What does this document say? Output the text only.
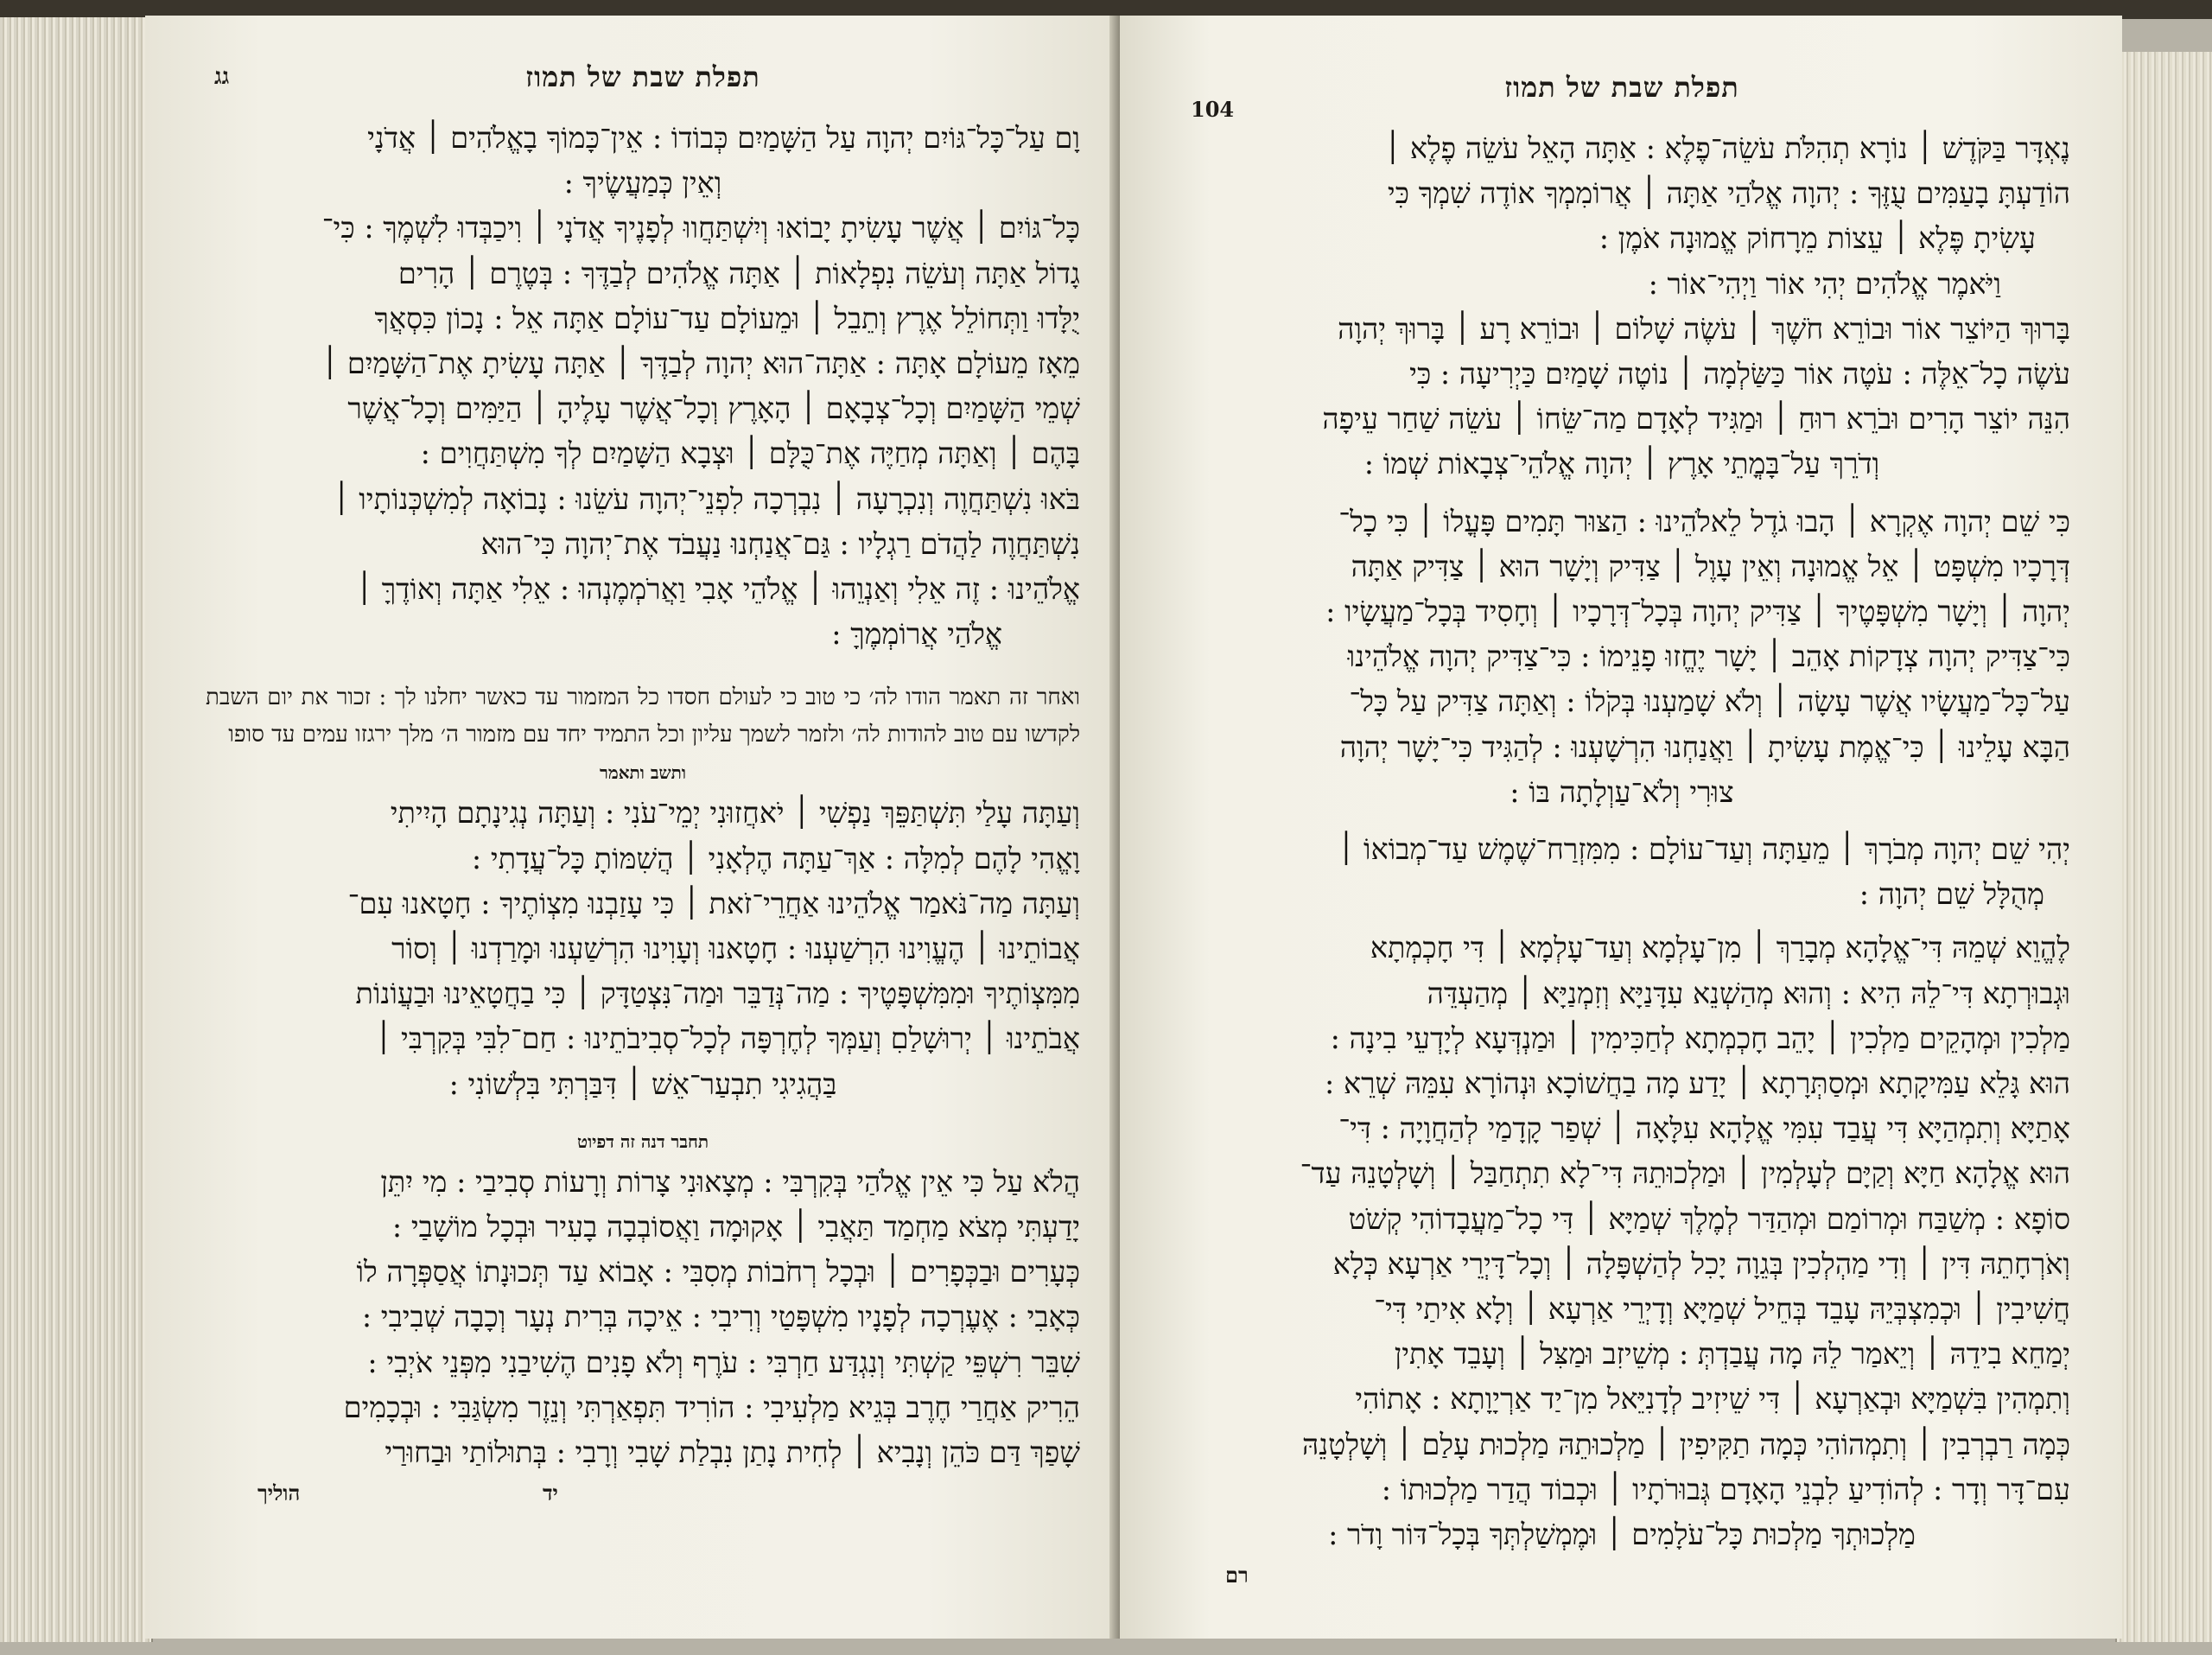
תפלת שבת של תמוז
גג

וָם עַל־כָּל־גּוֹיִם יְהוָה עַל הַשָּׁמַיִם כְּבוֹדוֹ : אֵין־כָּמוֹךָ בָאֱלֹהִים ׀ אֲדֹנָי

וְאֵין כְּמַעֲשֶׂיךָ :

כָּל־גּוֹיִם ׀ אֲשֶׁר עָשִׂיתָ יָבוֹאוּ וְיִשְׁתַּחֲווּ לְפָנֶיךָ אֲדֹנָי ׀ וִיכַבְּדוּ לִשְׁמֶךָ : כִּי־

גָדוֹל אַתָּה וְעֹשֵׂה נִפְלָאוֹת ׀ אַתָּה אֱלֹהִים לְבַדֶּךָ : בְּטֶרֶם ׀ הָרִים

יֻלָּדוּ וַתְּחוֹלֵל אֶרֶץ וְתֵבֵל ׀ וּמֵעוֹלָם עַד־עוֹלָם אַתָּה אֵל : נָכוֹן כִּסְאֲךָ

מֵאָז מֵעוֹלָם אָתָּה : אַתָּה־הוּא יְהוָה לְבַדֶּךָ ׀ אַתָּה עָשִׂיתָ אֶת־הַשָּׁמַיִם ׀

שְׁמֵי הַשָּׁמַיִם וְכָל־צְבָאָם ׀ הָאָרֶץ וְכָל־אֲשֶׁר עָלֶיהָ ׀ הַיַּמִּים וְכָל־אֲשֶׁר

בָּהֶם ׀ וְאַתָּה מְחַיֶּה אֶת־כֻּלָּם ׀ וּצְבָא הַשָּׁמַיִם לְךָ מִשְׁתַּחֲוִים :

בֹּאוּ נִשְׁתַּחֲוֶה וְנִכְרָעָה ׀ נִבְרְכָה לִפְנֵי־יְהוָה עֹשֵׂנוּ : נָבוֹאָה לְמִשְׁכְּנוֹתָיו ׀

נִשְׁתַּחֲוֶה לַהֲדֹם רַגְלָיו : גַּם־אֲנַחְנוּ נַעֲבֹד אֶת־יְהוָה כִּי־הוּא

אֱלֹהֵינוּ : זֶה אֵלִי וְאַנְוֵהוּ ׀ אֱלֹהֵי אָבִי וַאֲרֹמְמֶנְהוּ : אֵלִי אַתָּה וְאוֹדֶךָּ ׀

אֱלֹהַי אֲרוֹמְמֶךָּ :

ואחר זה תאמר הודו לה׳ כי טוב כי לעולם חסדו כל המזמור עד כאשר יחלנו לך : זכור את יום השבת לקדשו עם טוב להודות לה׳ ולזמר לשמך עליון וכל התמיד יחד עם מזמור ה׳ מלך ירגזו עמים עד סופו
ותשב ותאמר

וְעַתָּה עָלַי תִּשְׁתַּפֵּךְ נַפְשִׁי ׀ יֹאחֲזוּנִי יְמֵי־עֹנִי : וְעַתָּה נְגִינָתָם הָיִיתִי

וָאֱהִי לָהֶם לְמִלָּה : אַךְ־עַתָּה הֶלְאָנִי ׀ הֲשִׁמּוֹתָ כָּל־עֲדָתִי :

וְעַתָּה מַה־נֹּאמַר אֱלֹהֵינוּ אַחֲרֵי־זֹאת ׀ כִּי עָזַבְנוּ מִצְוֹתֶיךָ : חָטָאנוּ עִם־

אֲבוֹתֵינוּ ׀ הֶעֱוִינוּ הִרְשַׁעְנוּ : חָטָאנוּ וְעָוִינוּ הִרְשַׁעְנוּ וּמָרַדְנוּ ׀ וְסוֹר

מִמִּצְוֹתֶיךָ וּמִמִּשְׁפָּטֶיךָ : מַה־נְּדַבֵּר וּמַה־נִּצְטַדָּק ׀ כִּי בַחֲטָאֵינוּ וּבַעֲוֹנוֹת

אֲבֹתֵינוּ ׀ יְרוּשָׁלַםִ וְעַמְּךָ לְחֶרְפָּה לְכָל־סְבִיבֹתֵינוּ : חַם־לִבִּי בְּקִרְבִּי ׀

בַּהֲגִיגִי תִבְעַר־אֵשׁ ׀ דִּבַּרְתִּי בִּלְשׁוֹנִי :

תחבר דנה זה דפיוט

הֲלֹא עַל כִּי אֵין אֱלֹהַי בְּקִרְבִּי : מְצָאוּנִי צָרוֹת וְרָעוֹת סְבִיבַי : מִי יִתֵּן

יָדַעְתִּי מְצֹא מַחְמַד תַּאֲבִי ׀ אָקוּמָה וַאֲסוֹבְבָה בָעִיר וּבְכָל מוֹשָׁבַי :

כְּעָרִים וּבַכְּפָרִים ׀ וּבְכָל רְחֹבוֹת מְסִבִּי : אָבוֹא עַד תְּכוּנָתוֹ אֲסַפְּרָה לוֹ

כְּאָבִי : אֶעֶרְכָה לְפָנָיו מִשְׁפָּטַי וְרִיבִי : אֵיכָה בְּרִית נְעָר וְכָבָה שְׁבִיבִי :

שִׁבֵּר רִשְׁפֵּי קַשְׁתִּי וְנִגְדַּע חַרְבִּי : עֹרֶף וְלֹא פָנִים הֶשִׁיבַנִי מִפְּנֵי אֹיְבִי :

הֵרִיק אַחֲרַי חֶרֶב בְּגֵיא מַלְעִיבִי : הוֹרִיד תִּפְאַרְתִּי וְנֵזֶר מִשְׂגַּבִּי : וּבְכָמִים

שָׁפַךְ דַּם כֹּהֵן וְנָבִיא ׀ לְחִית נָתַן נִבְלַת שָׁבִי וְרָבִי : בְּתוּלוֹתַי וּבַחוּרַי

הוליך	יד
תפלת שבת של תמוז
104

נֶאְדָּר בַּקֹּדֶשׁ ׀ נוֹרָא תְהִלֹּת עֹשֵׂה־פֶלֶא : אַתָּה הָאֵל עֹשֵׂה פֶלֶא ׀

הוֹדַעְתָּ בָעַמִּים עֻזֶּךָ : יְהוָה אֱלֹהַי אַתָּה ׀ אֲרוֹמִמְךָ אוֹדֶה שִׁמְךָ כִּי

עָשִׂיתָ פֶּלֶא ׀ עֵצוֹת מֵרָחוֹק אֱמוּנָה אֹמֶן :

וַיֹּאמֶר אֱלֹהִים יְהִי אוֹר וַיְהִי־אוֹר :

בָּרוּךְ הַיּוֹצֵר אוֹר וּבוֹרֵא חֹשֶׁךְ ׀ עֹשֶׂה שָׁלוֹם ׀ וּבוֹרֵא רָע ׀ בָּרוּךְ יְהוָה

עֹשֶׂה כָל־אֵלֶּה : עֹטֶה אוֹר כַּשַּׂלְמָה ׀ נוֹטֶה שָׁמַיִם כַּיְרִיעָה : כִּי

הִנֵּה יוֹצֵר הָרִים וּבֹרֵא רוּחַ ׀ וּמַגִּיד לְאָדָם מַה־שֵּׂחוֹ ׀ עֹשֵׂה שַׁחַר עֵיפָה

וְדֹרֵךְ עַל־בָּמֳתֵי אָרֶץ ׀ יְהוָה אֱלֹהֵי־צְבָאוֹת שְׁמוֹ :

כִּי שֵׁם יְהוָה אֶקְרָא ׀ הָבוּ גֹדֶל לֵאלֹהֵינוּ : הַצּוּר תָּמִים פָּעֳלוֹ ׀ כִּי כָל־

דְּרָכָיו מִשְׁפָּט ׀ אֵל אֱמוּנָה וְאֵין עָוֶל ׀ צַדִּיק וְיָשָׁר הוּא ׀ צַדִּיק אַתָּה

יְהוָה ׀ וְיָשָׁר מִשְׁפָּטֶיךָ ׀ צַדִּיק יְהוָה בְּכָל־דְּרָכָיו ׀ וְחָסִיד בְּכָל־מַעֲשָׂיו :

כִּי־צַדִּיק יְהוָה צְדָקוֹת אָהֵב ׀ יָשָׁר יֶחֱזוּ פָנֵימוֹ : כִּי־צַדִּיק יְהוָה אֱלֹהֵינוּ

עַל־כָּל־מַעֲשָׂיו אֲשֶׁר עָשָׂה ׀ וְלֹא שָׁמַעְנוּ בְּקֹלוֹ : וְאַתָּה צַדִּיק עַל כָּל־

הַבָּא עָלֵינוּ ׀ כִּי־אֱמֶת עָשִׂיתָ ׀ וַאֲנַחְנוּ הִרְשָׁעְנוּ : לְהַגִּיד כִּי־יָשָׁר יְהוָה

צוּרִי וְלֹא־עַוְלָתָה בּוֹ :

יְהִי שֵׁם יְהוָה מְבֹרָךְ ׀ מֵעַתָּה וְעַד־עוֹלָם : מִמִּזְרַח־שֶׁמֶשׁ עַד־מְבוֹאוֹ ׀

מְהֻלָּל שֵׁם יְהוָה :

לֶהֱוֵא שְׁמֵהּ דִּי־אֱלָהָא מְבָרַךְ ׀ מִן־עָלְמָא וְעַד־עָלְמָא ׀ דִּי חָכְמְתָא

וּגְבוּרְתָא דִּי־לֵהּ הִיא : וְהוּא מְהַשְׁנֵא עִדָּנַיָּא וְזִמְנַיָּא ׀ מְהַעְדֵּה

מַלְכִין וּמְהָקֵים מַלְכִין ׀ יָהֵב חָכְמְתָא לְחַכִּימִין ׀ וּמַנְדְּעָא לְיָדְעֵי בִינָה :

הוּא גָּלֵא עַמִּיקָתָא וּמְסַתְּרָתָא ׀ יָדַע מָה בַחֲשׁוֹכָא וּנְהוֹרָא עִמֵּהּ שְׁרֵא :

אָתַיָּא וְתִמְהַיָּא דִּי עֲבַד עִמִּי אֱלָהָא עִלָּאָה ׀ שְׁפַר קָדָמַי לְהַחֲוָיָה : דִּי־

הוּא אֱלָהָא חַיָּא וְקַיָּם לְעָלְמִין ׀ וּמַלְכוּתֵהּ דִּי־לָא תִתְחַבַּל ׀ וְשָׁלְטָנֵהּ עַד־

סוֹפָא : מְשַׁבַּח וּמְרוֹמַם וּמְהַדַּר לְמֶלֶךְ שְׁמַיָּא ׀ דִּי כָל־מַעֲבָדוֹהִי קְשֹׁט

וְאֹרְחָתֵהּ דִּין ׀ וְדִי מַהְלְכִין בְּגֵוָה יָכִל לְהַשְׁפָּלָה ׀ וְכָל־דָּיְרֵי אַרְעָא כְּלָא

חֲשִׁיבִין ׀ וּכְמִצְבְּיֵהּ עָבֵד בְּחֵיל שְׁמַיָּא וְדָיְרֵי אַרְעָא ׀ וְלָא אִיתַי דִּי־

יְמַחֵא בִידֵהּ ׀ וְיֵאמַר לֵהּ מָה עֲבַדְתְּ : מְשֵׁיזִב וּמַצִּל ׀ וְעָבֵד אָתִין

וְתִמְהִין בִּשְׁמַיָּא וּבְאַרְעָא ׀ דִּי שֵׁיזִיב לְדָנִיֵּאל מִן־יַד אַרְיָוָתָא : אָתוֹהִי

כְּמָה רַבְרְבִין ׀ וְתִמְהוֹהִי כְּמָה תַקִּיפִין ׀ מַלְכוּתֵהּ מַלְכוּת עָלַם ׀ וְשָׁלְטָנֵהּ

עִם־דָּר וְדָר : לְהוֹדִיעַ לִבְנֵי הָאָדָם גְּבוּרֹתָיו ׀ וּכְבוֹד הֲדַר מַלְכוּתוֹ :

מַלְכוּתְךָ מַלְכוּת כָּל־עֹלָמִים ׀ וּמֶמְשַׁלְתְּךָ בְּכָל־דּוֹר וָדֹר :

רם
